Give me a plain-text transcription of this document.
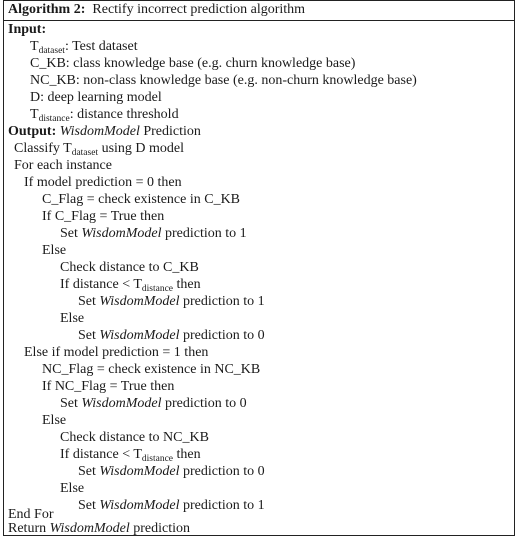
Algorithm 2: Rectify incorrect prediction algorithm
Input:
$T_{dataset}$: Test dataset
C_KB: class knowledge base (e.g. churn knowledge base)
NC_KB: non-class knowledge base (e.g. non-churn knowledge base)
D: deep learning model
$T_{distance}$: distance threshold
Output: WisdomModel Prediction
Classify $T_{dataset}$ using D model
For each instance
If model prediction = 0 then
C_Flag = check existence in C_KB
If C_Flag = True then
Set WisdomModel prediction to 1
Else
Check distance to C_KB
If distance < $T_{distance}$ then
Set WisdomModel prediction to 1
Else
Set WisdomModel prediction to 0
Else if model prediction = 1 then
NC_Flag = check existence in NC_KB
If NC_Flag = True then
Set WisdomModel prediction to 0
Else
Check distance to NC_KB
If distance < $T_{distance}$ then
Set WisdomModel prediction to 0
Else
Set WisdomModel prediction to 1
End For
Return WisdomModel prediction
